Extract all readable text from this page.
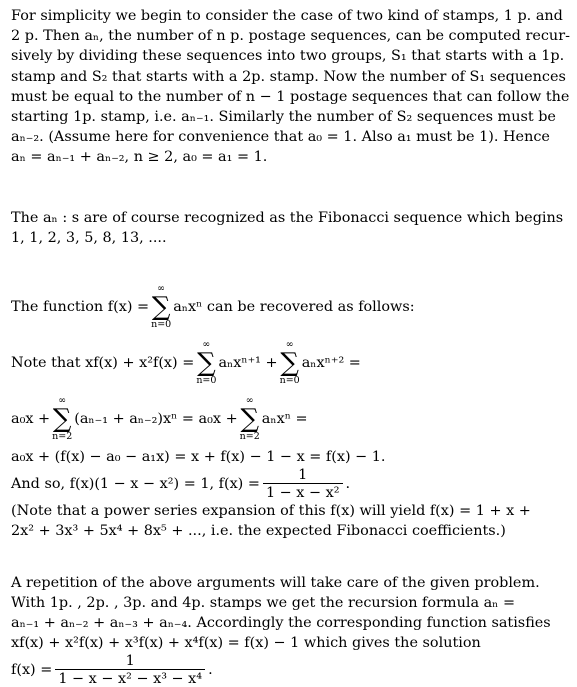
For simplicity we begin to consider the case of two kind of stamps, 1 p. and
2 p. Then aₙ, the number of n p. postage sequences, can be computed recur-
sively by dividing these sequences into two groups, S₁ that starts with a 1p.
stamp and S₂ that starts with a 2p. stamp. Now the number of S₁ sequences
must be equal to the number of n − 1 postage sequences that can follow the
starting 1p. stamp, i.e. aₙ₋₁. Similarly the number of S₂ sequences must be
aₙ₋₂. (Assume here for convenience that a₀ = 1. Also a₁ must be 1). Hence
aₙ = aₙ₋₁ + aₙ₋₂, n ≥ 2, a₀ = a₁ = 1.
The aₙ : s are of course recognized as the Fibonacci sequence which begins
1, 1, 2, 3, 5, 8, 13, ....
The function f(x) =
∞
∑
n=0
aₙxⁿ can be recovered as follows:
Note that xf(x) + x²f(x) =
∞
∑
n=0
aₙxⁿ⁺¹ +
∞
∑
n=0
aₙxⁿ⁺² =
a₀x +
∞
∑
n=2
(aₙ₋₁ + aₙ₋₂)xⁿ = a₀x +
∞
∑
n=2
aₙxⁿ =
a₀x + (f(x) − a₀ − a₁x) = x + f(x) − 1 − x = f(x) − 1.
And so, f(x)(1 − x − x²) = 1, $f(x) = \frac{1}{\text{1 − x − x²}}$ .
(Note that a power series expansion of this f(x) will yield f(x) = 1 + x +
2x² + 3x³ + 5x⁴ + 8x⁵ + ..., i.e. the expected Fibonacci coefficients.)
A repetition of the above arguments will take care of the given problem.
With 1p. , 2p. , 3p. and 4p. stamps we get the recursion formula aₙ =
aₙ₋₁ + aₙ₋₂ + aₙ₋₃ + aₙ₋₄. Accordingly the corresponding function satisfies
xf(x) + x²f(x) + x³f(x) + x⁴f(x) = f(x) − 1 which gives the solution
$f(x) = \frac{1}{\text{1 − x − x² − x³ − x⁴}}$ .
